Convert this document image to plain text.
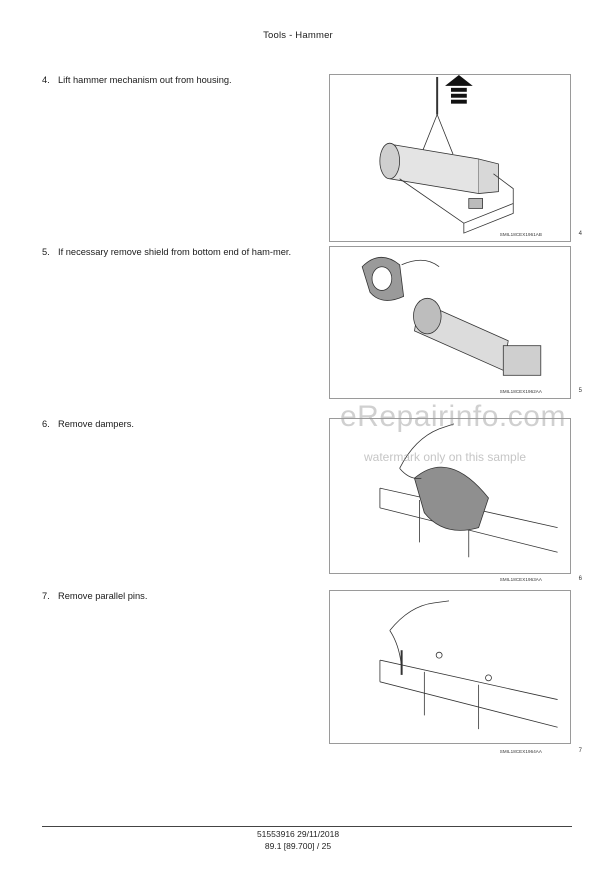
Tools - Hammer
4. Lift hammer mechanism out from housing.
SMIL18CEX1961AB	4
5. If necessary remove shield from bottom end of ham-mer.
SMIL18CEX1962AA	5
6. Remove dampers.
SMIL18CEX1963AA	6
7. Remove parallel pins.
SMIL18CEX1964AA	7
eRepairinfo.com
watermark only on this sample
51553916 29/11/2018
89.1 [89.700] / 25
